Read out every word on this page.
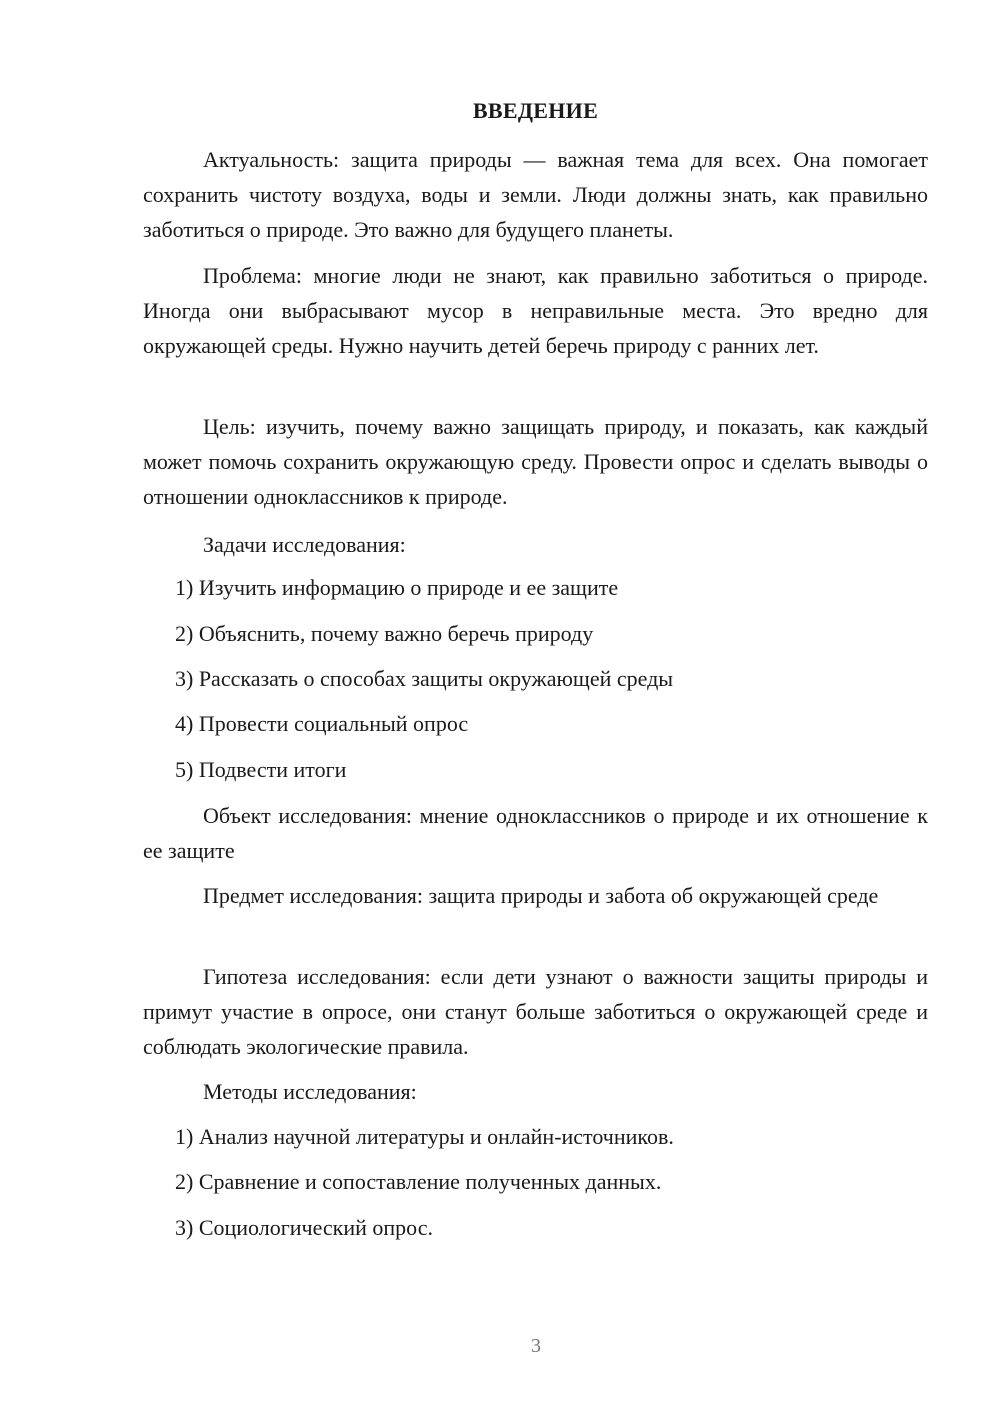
ВВЕДЕНИЕ

Актуальность: защита природы — важная тема для всех. Она помогает сохранить чистоту воздуха, воды и земли. Люди должны знать, как правильно заботиться о природе. Это важно для будущего планеты.

Проблема: многие люди не знают, как правильно заботиться о природе. Иногда они выбрасывают мусор в неправильные места. Это вредно для окружающей среды. Нужно научить детей беречь природу с ранних лет.

Цель: изучить, почему важно защищать природу, и показать, как каждый может помочь сохранить окружающую среду. Провести опрос и сделать выводы о отношении одноклассников к природе.

Задачи исследования:

1) Изучить информацию о природе и ее защите
2) Объяснить, почему важно беречь природу
3) Рассказать о способах защиты окружающей среды
4) Провести социальный опрос
5) Подвести итоги

Объект исследования: мнение одноклассников о природе и их отношение к ее защите

Предмет исследования: защита природы и забота об окружающей среде

Гипотеза исследования: если дети узнают о важности защиты природы и примут участие в опросе, они станут больше заботиться о окружающей среде и соблюдать экологические правила.

Методы исследования:

1) Анализ научной литературы и онлайн-источников.
2) Сравнение и сопоставление полученных данных.
3) Социологический опрос.
3
